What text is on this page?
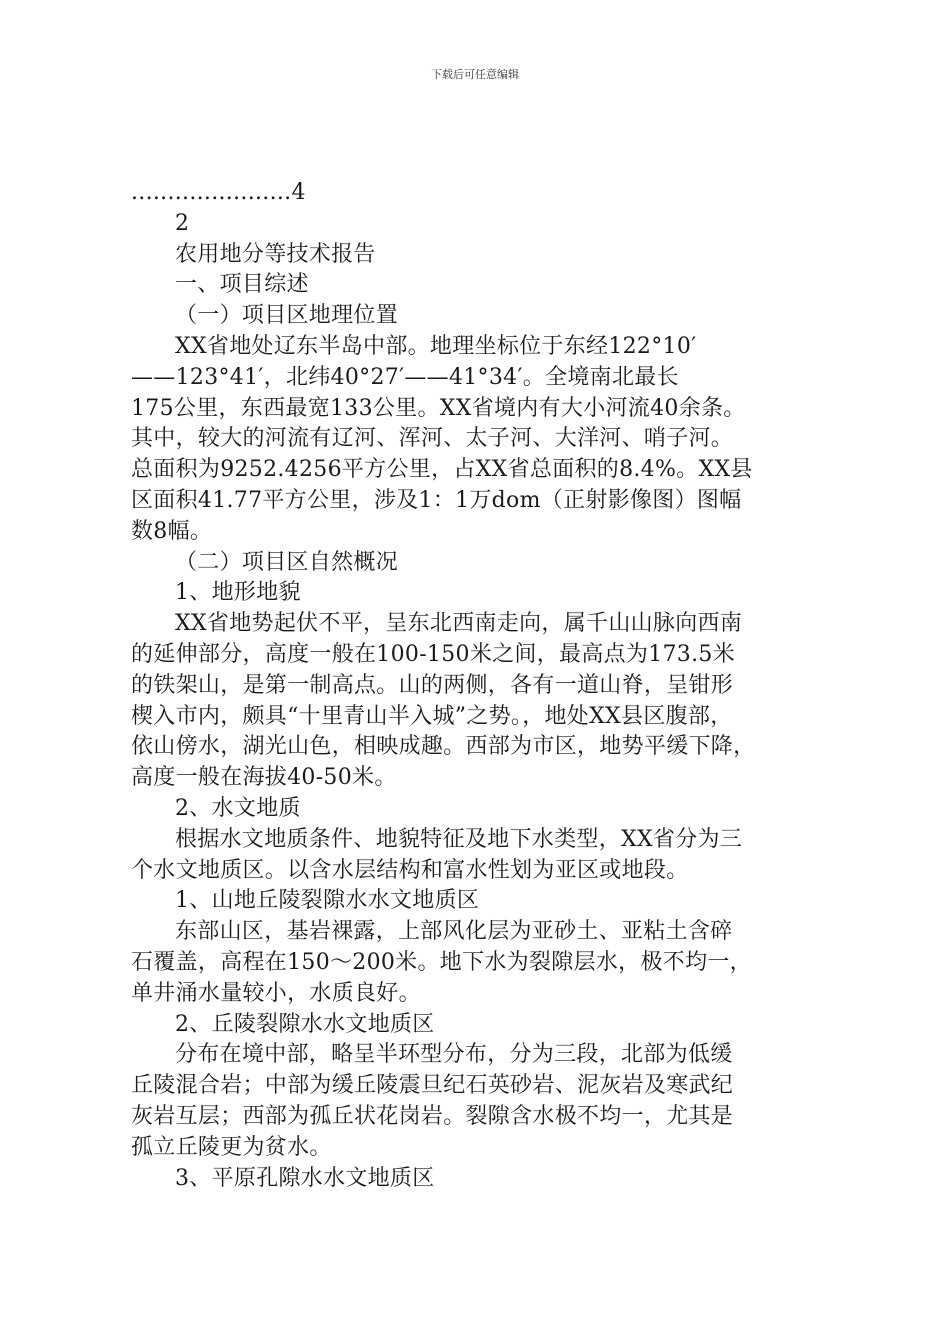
下载后可任意编辑

......................4

2

农用地分等技术报告

一、项目综述

（一）项目区地理位置

XX省地处辽东半岛中部。地理坐标位于东经122°10′

——123°41′，北纬40°27′——41°34′。全境南北最长

175公里，东西最宽133公里。XX省境内有大小河流40余条。

其中，较大的河流有辽河、浑河、太子河、大洋河、哨子河。

总面积为9252.4256平方公里，占XX省总面积的8.4%。XX县

区面积41.77平方公里，涉及1：1万dom（正射影像图）图幅

数8幅。

（二）项目区自然概况

1、地形地貌

XX省地势起伏不平，呈东北西南走向，属千山山脉向西南

的延伸部分，高度一般在100-150米之间，最高点为173.5米

的铁架山，是第一制高点。山的两侧，各有一道山脊，呈钳形

楔入市内，颇具“十里青山半入城”之势。，地处XX县区腹部，

依山傍水，湖光山色，相映成趣。西部为市区，地势平缓下降，

高度一般在海拔40-50米。

2、水文地质

根据水文地质条件、地貌特征及地下水类型，XX省分为三

个水文地质区。以含水层结构和富水性划为亚区或地段。

1、山地丘陵裂隙水水文地质区

东部山区，基岩裸露，上部风化层为亚砂土、亚粘土含碎

石覆盖，高程在150～200米。地下水为裂隙层水，极不均一，

单井涌水量较小，水质良好。

2、丘陵裂隙水水文地质区

分布在境中部，略呈半环型分布，分为三段，北部为低缓

丘陵混合岩；中部为缓丘陵震旦纪石英砂岩、泥灰岩及寒武纪

灰岩互层；西部为孤丘状花岗岩。裂隙含水极不均一，尤其是

孤立丘陵更为贫水。

3、平原孔隙水水文地质区
